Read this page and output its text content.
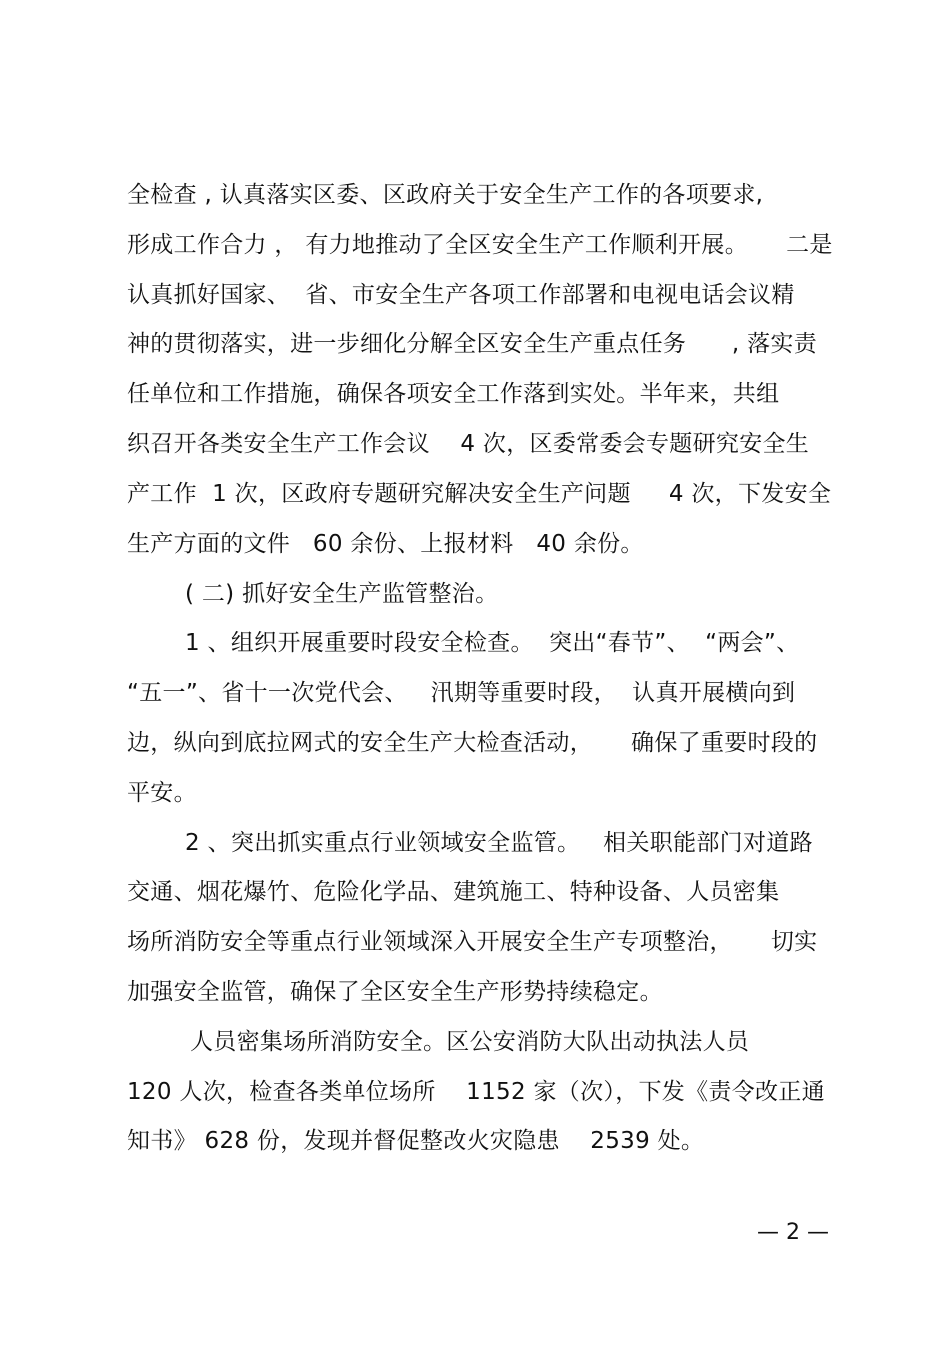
全检查 , 认真落实区委、区政府关于安全生产工作的各项要求,
形成工作合力 ， 有力地推动了全区安全生产工作顺利开展。     二是
认真抓好国家、  省、市安全生产各项工作部署和电视电话会议精
神的贯彻落实，进一步细化分解全区安全生产重点任务      , 落实责
任单位和工作措施，确保各项安全工作落到实处。半年来，共组
织召开各类安全生产工作会议    4 次，区委常委会专题研究安全生
产工作  1 次，区政府专题研究解决安全生产问题     4 次，下发安全
生产方面的文件   60 余份、上报材料   40 余份。
( 二) 抓好安全生产监管整治。
1 、组织开展重要时段安全检查。  突出“春节”、  “两会”、
“五一”、省十一次党代会、   汛期等重要时段，  认真开展横向到
边，纵向到底拉网式的安全生产大检查活动，     确保了重要时段的
平安。
2 、突出抓实重点行业领域安全监管。   相关职能部门对道路
交通、烟花爆竹、危险化学品、建筑施工、特种设备、人员密集
场所消防安全等重点行业领域深入开展安全生产专项整治，     切实
加强安全监管，确保了全区安全生产形势持续稳定。
人员密集场所消防安全。区公安消防大队出动执法人员
120 人次，检查各类单位场所    1152 家（次），下发《责令改正通
知书》 628 份，发现并督促整改火灾隐患    2539 处。
— 2 —
